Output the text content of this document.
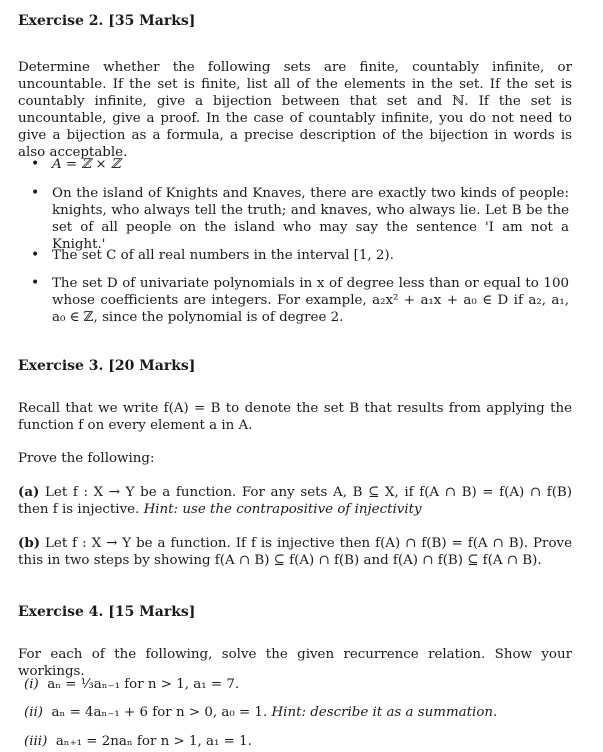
Exercise 2. [35 Marks]
Determine whether the following sets are finite, countably infinite, or uncountable. If the set is finite, list all of the elements in the set. If the set is countably infinite, give a bijection between that set and ℕ. If the set is uncountable, give a proof. In the case of countably infinite, you do not need to give a bijection as a formula, a precise description of the bijection in words is also acceptable.
• A = ℤ × ℤ
• On the island of Knights and Knaves, there are exactly two kinds of people: knights, who always tell the truth; and knaves, who always lie. Let B be the set of all people on the island who may say the sentence 'I am not a Knight.'
• The set C of all real numbers in the interval [1, 2).
• The set D of univariate polynomials in x of degree less than or equal to 100 whose coefficients are integers. For example, a₂x² + a₁x + a₀ ∈ D if a₂, a₁, a₀ ∈ ℤ, since the polynomial is of degree 2.
Exercise 3. [20 Marks]
Recall that we write f(A) = B to denote the set B that results from applying the function f on every element a in A.
Prove the following:
(a) Let f : X → Y be a function. For any sets A, B ⊆ X, if f(A ∩ B) = f(A) ∩ f(B) then f is injective. Hint: use the contrapositive of injectivity
(b) Let f : X → Y be a function. If f is injective then f(A) ∩ f(B) = f(A ∩ B). Prove this in two steps by showing f(A ∩ B) ⊆ f(A) ∩ f(B) and f(A) ∩ f(B) ⊆ f(A ∩ B).
Exercise 4. [15 Marks]
For each of the following, solve the given recurrence relation. Show your workings.
(i) aₙ = ⅓aₙ₋₁ for n > 1, a₁ = 7.
(ii) aₙ = 4aₙ₋₁ + 6 for n > 0, a₀ = 1. Hint: describe it as a summation.
(iii) aₙ₊₁ = 2naₙ for n > 1, a₁ = 1.
